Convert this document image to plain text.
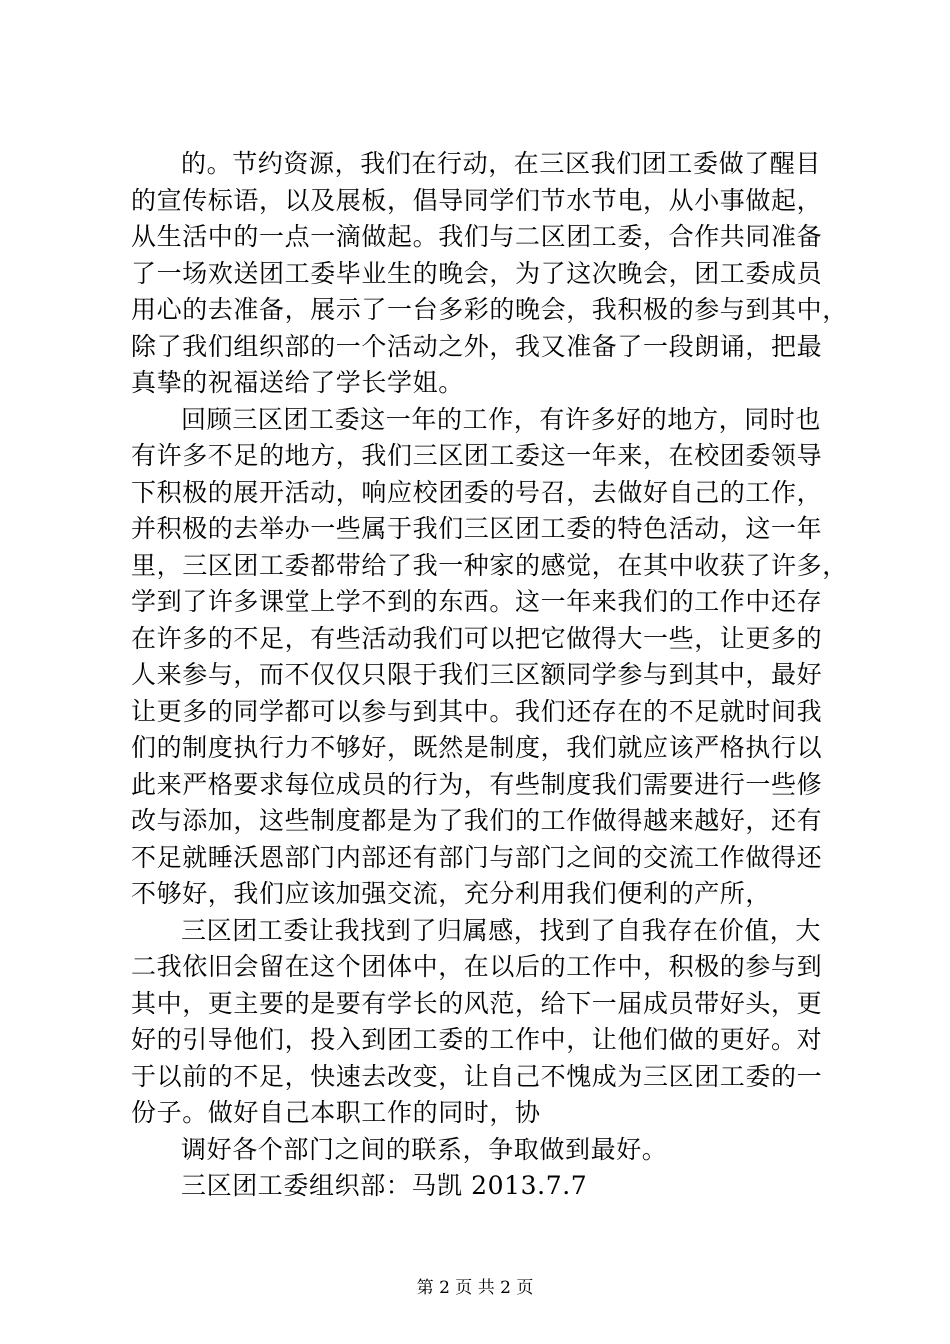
的。节约资源，我们在行动，在三区我们团工委做了醒目
的宣传标语，以及展板，倡导同学们节水节电，从小事做起，
从生活中的一点一滴做起。我们与二区团工委，合作共同准备
了一场欢送团工委毕业生的晚会，为了这次晚会，团工委成员
用心的去准备，展示了一台多彩的晚会，我积极的参与到其中，
除了我们组织部的一个活动之外，我又准备了一段朗诵，把最
真挚的祝福送给了学长学姐。
回顾三区团工委这一年的工作，有许多好的地方，同时也
有许多不足的地方，我们三区团工委这一年来，在校团委领导
下积极的展开活动，响应校团委的号召，去做好自己的工作，
并积极的去举办一些属于我们三区团工委的特色活动，这一年
里，三区团工委都带给了我一种家的感觉，在其中收获了许多，
学到了许多课堂上学不到的东西。这一年来我们的工作中还存
在许多的不足，有些活动我们可以把它做得大一些，让更多的
人来参与，而不仅仅只限于我们三区额同学参与到其中，最好
让更多的同学都可以参与到其中。我们还存在的不足就时间我
们的制度执行力不够好，既然是制度，我们就应该严格执行以
此来严格要求每位成员的行为，有些制度我们需要进行一些修
改与添加，这些制度都是为了我们的工作做得越来越好，还有
不足就睡沃恩部门内部还有部门与部门之间的交流工作做得还
不够好，我们应该加强交流，充分利用我们便利的产所，
三区团工委让我找到了归属感，找到了自我存在价值，大
二我依旧会留在这个团体中，在以后的工作中，积极的参与到
其中，更主要的是要有学长的风范，给下一届成员带好头，更
好的引导他们，投入到团工委的工作中，让他们做的更好。对
于以前的不足，快速去改变，让自己不愧成为三区团工委的一
份子。做好自己本职工作的同时，协
调好各个部门之间的联系，争取做到最好。
三区团工委组织部：马凯 2013.7.7
第 2 页 共 2 页
